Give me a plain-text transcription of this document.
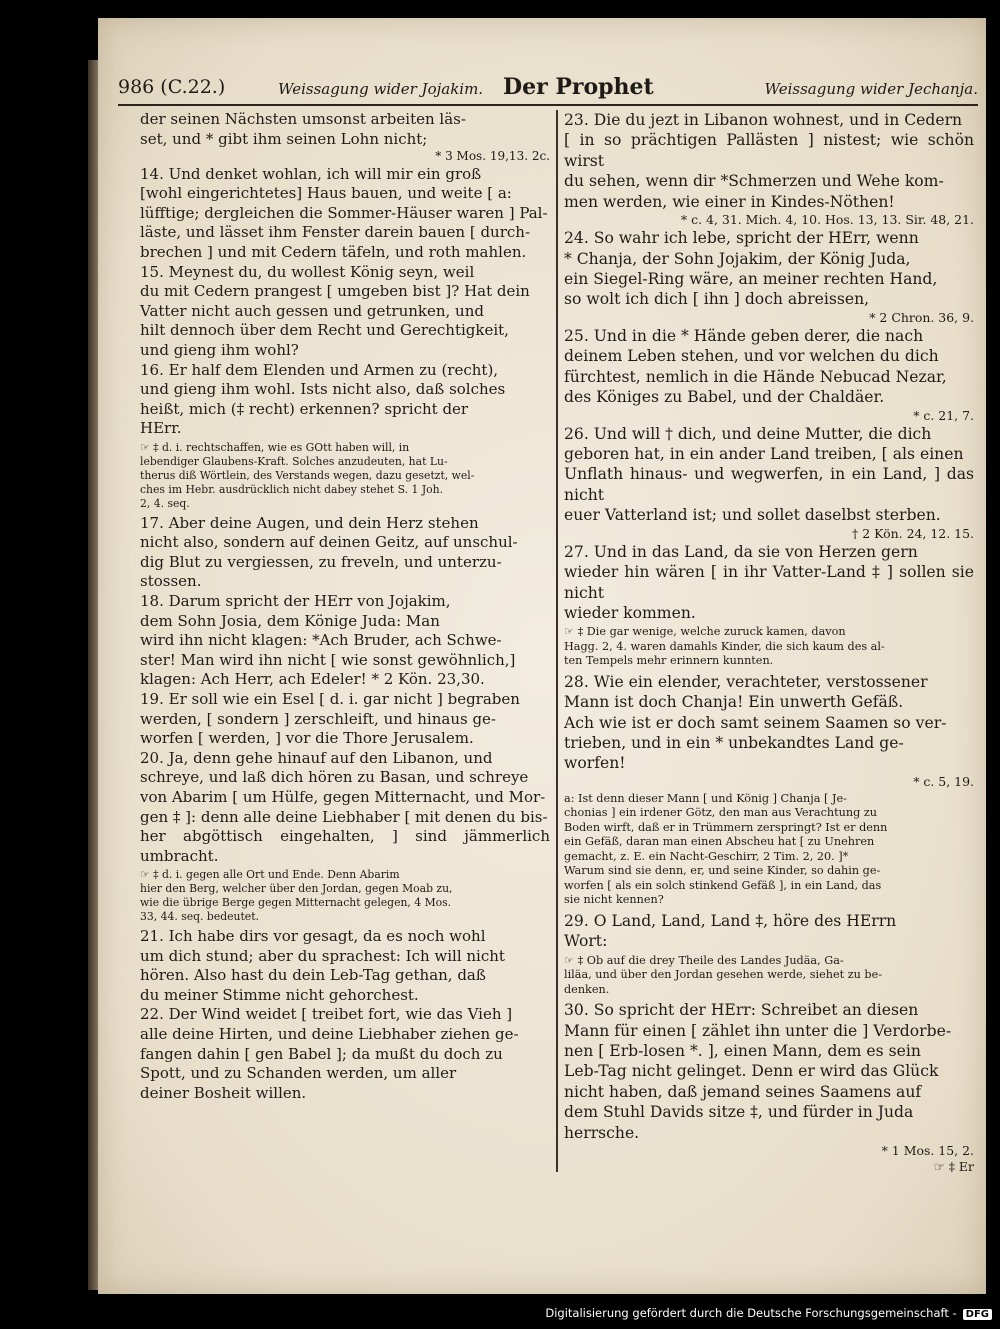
986 (C.22.)	Weissagung wider Jojakim. Der Prophet	Weissagung wider Jechanja.

der seinen Nächsten umsonst arbeiten läs-
set, und * gibt ihm seinen Lohn nicht;

* 3 Mos. 19,13. 2c.

14. Und denket wohlan, ich will mir ein groß
[wohl eingerichtetes] Haus bauen, und weite [ a:
lüfftige; dergleichen die Sommer-Häuser waren ] Pal-
läste, und lässet ihm Fenster darein bauen [ durch-
brechen ] und mit Cedern täfeln, und roth mahlen.

15. Meynest du, du wollest König seyn, weil
du mit Cedern prangest [ umgeben bist ]? Hat dein
Vatter nicht auch gessen und getrunken, und
hilt dennoch über dem Recht und Gerechtigkeit,
und gieng ihm wohl?

16. Er half dem Elenden und Armen zu (recht),
und gieng ihm wohl. Ists nicht also, daß solches
heißt, mich (‡ recht) erkennen? spricht der
HErr.

☞ ‡ d. i. rechtschaffen, wie es GOtt haben will, in
lebendiger Glaubens-Kraft. Solches anzudeuten, hat Lu-
therus diß Wörtlein, des Verstands wegen, dazu gesetzt, wel-
ches im Hebr. ausdrücklich nicht dabey stehet S. 1 Joh.
2, 4. seq.

17. Aber deine Augen, und dein Herz stehen
nicht also, sondern auf deinen Geitz, auf unschul-
dig Blut zu vergiessen, zu freveln, und unterzu-
stossen.

18. Darum spricht der HErr von Jojakim,
dem Sohn Josia, dem Könige Juda: Man
wird ihn nicht klagen: *Ach Bruder, ach Schwe-
ster! Man wird ihn nicht [ wie sonst gewöhnlich,]
klagen: Ach Herr, ach Edeler! * 2 Kön. 23,30.

19. Er soll wie ein Esel [ d. i. gar nicht ] begraben
werden, [ sondern ] zerschleift, und hinaus ge-
worfen [ werden, ] vor die Thore Jerusalem.

20. Ja, denn gehe hinauf auf den Libanon, und
schreye, und laß dich hören zu Basan, und schreye
von Abarim [ um Hülfe, gegen Mitternacht, und Mor-
gen ‡ ]: denn alle deine Liebhaber [ mit denen du bis-
her abgöttisch eingehalten, ] sind jämmerlich umbracht.

☞ ‡ d. i. gegen alle Ort und Ende. Denn Abarim
hier den Berg, welcher über den Jordan, gegen Moab zu,
wie die übrige Berge gegen Mitternacht gelegen, 4 Mos.
33, 44. seq. bedeutet.

21. Ich habe dirs vor gesagt, da es noch wohl
um dich stund; aber du sprachest: Ich will nicht
hören. Also hast du dein Leb-Tag gethan, daß
du meiner Stimme nicht gehorchest.

22. Der Wind weidet [ treibet fort, wie das Vieh ]
alle deine Hirten, und deine Liebhaber ziehen ge-
fangen dahin [ gen Babel ]; da mußt du doch zu
Spott, und zu Schanden werden, um aller
deiner Bosheit willen.

23. Die du jezt in Libanon wohnest, und in Cedern
[ in so prächtigen Pallästen ] nistest; wie schön wirst
du sehen, wenn dir *Schmerzen und Wehe kom-
men werden, wie einer in Kindes-Nöthen!

* c. 4, 31. Mich. 4, 10. Hos. 13, 13. Sir. 48, 21.

24. So wahr ich lebe, spricht der HErr, wenn
* Chanja, der Sohn Jojakim, der König Juda,
ein Siegel-Ring wäre, an meiner rechten Hand,
so wolt ich dich [ ihn ] doch abreissen,

* 2 Chron. 36, 9.

25. Und in die * Hände geben derer, die nach
deinem Leben stehen, und vor welchen du dich
fürchtest, nemlich in die Hände Nebucad Nezar,
des Königes zu Babel, und der Chaldäer.

* c. 21, 7.

26. Und will † dich, und deine Mutter, die dich
geboren hat, in ein ander Land treiben, [ als einen
Unflath hinaus- und wegwerfen, in ein Land, ] das nicht
euer Vatterland ist; und sollet daselbst sterben.

† 2 Kön. 24, 12. 15.

27. Und in das Land, da sie von Herzen gern
wieder hin wären [ in ihr Vatter-Land ‡ ] sollen sie nicht
wieder kommen.

☞ ‡ Die gar wenige, welche zuruck kamen, davon
Hagg. 2, 4. waren damahls Kinder, die sich kaum des al-
ten Tempels mehr erinnern kunnten.

28. Wie ein elender, verachteter, verstossener
Mann ist doch Chanja! Ein unwerth Gefäß.
Ach wie ist er doch samt seinem Saamen so ver-
trieben, und in ein * unbekandtes Land ge-
worfen!

* c. 5, 19.

a: Ist denn dieser Mann [ und König ] Chanja [ Je-
chonias ] ein irdener Götz, den man aus Verachtung zu
Boden wirft, daß er in Trümmern zerspringt? Ist er denn
ein Gefäß, daran man einen Abscheu hat [ zu Unehren
gemacht, z. E. ein Nacht-Geschirr, 2 Tim. 2, 20. ]*
Warum sind sie denn, er, und seine Kinder, so dahin ge-
worfen [ als ein solch stinkend Gefäß ], in ein Land, das
sie nicht kennen?

29. O Land, Land, Land ‡, höre des HErrn
Wort:

☞ ‡ Ob auf die drey Theile des Landes Judäa, Ga-
liläa, und über den Jordan gesehen werde, siehet zu be-
denken.

30. So spricht der HErr: Schreibet an diesen
Mann für einen [ zählet ihn unter die ] Verdorbe-
nen [ Erb-losen *. ], einen Mann, dem es sein
Leb-Tag nicht gelinget. Denn er wird das Glück
nicht haben, daß jemand seines Saamens auf
dem Stuhl Davids sitze ‡, und fürder in Juda
herrsche.

* 1 Mos. 15, 2.

☞ ‡ Er

Digitalisierung gefördert durch die Deutsche Forschungsgemeinschaft - DFG
